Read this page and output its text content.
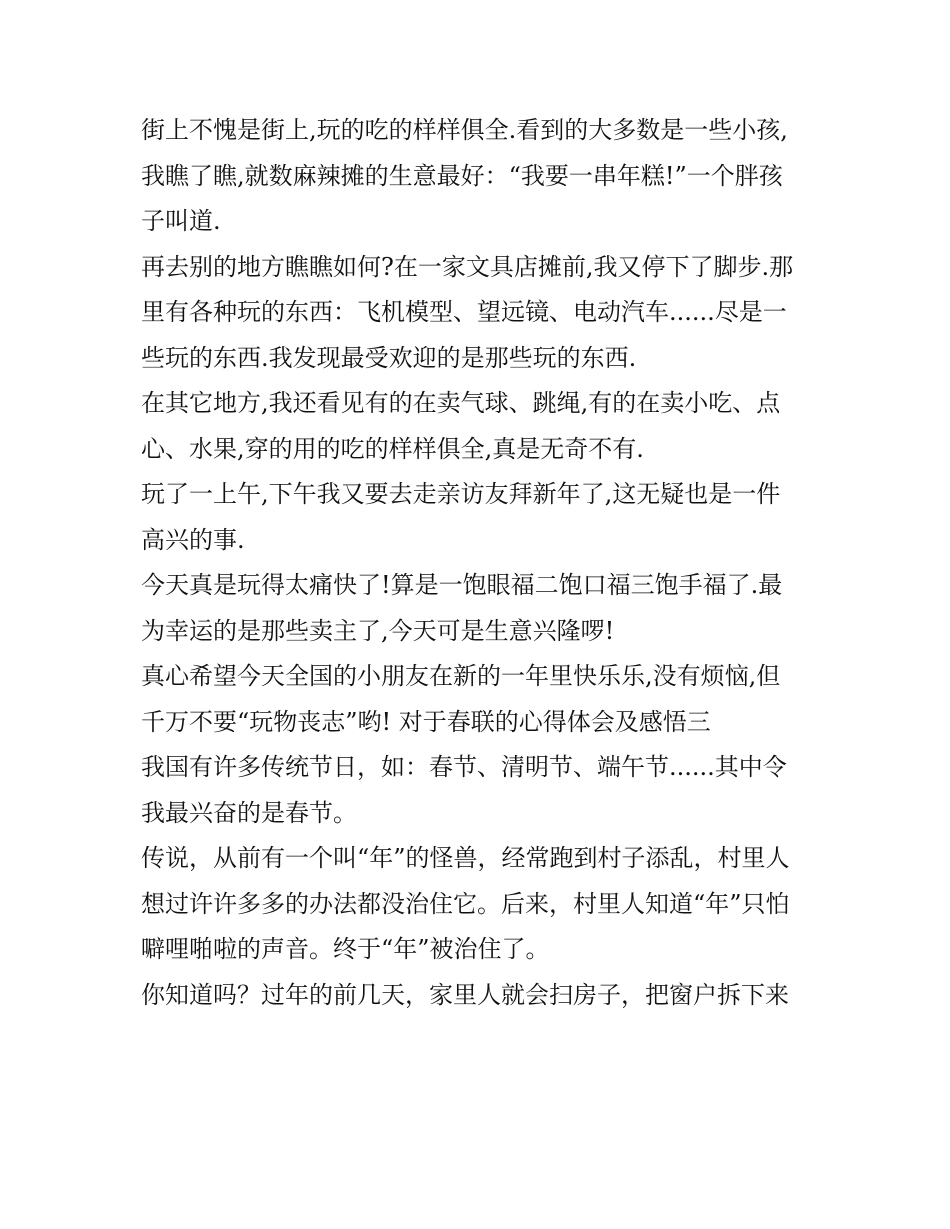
街上不愧是街上,玩的吃的样样俱全.看到的大多数是一些小孩,
我瞧了瞧,就数麻辣摊的生意最好：“我要一串年糕!”一个胖孩
子叫道.

再去别的地方瞧瞧如何?在一家文具店摊前,我又停下了脚步.那
里有各种玩的东西：飞机模型、望远镜、电动汽车......尽是一
些玩的东西.我发现最受欢迎的是那些玩的东西.

在其它地方,我还看见有的在卖气球、跳绳,有的在卖小吃、点
心、水果,穿的用的吃的样样俱全,真是无奇不有.

玩了一上午,下午我又要去走亲访友拜新年了,这无疑也是一件
高兴的事.

今天真是玩得太痛快了!算是一饱眼福二饱口福三饱手福了.最
为幸运的是那些卖主了,今天可是生意兴隆啰!

真心希望今天全国的小朋友在新的一年里快乐乐,没有烦恼,但
千万不要“玩物丧志”哟! 对于春联的心得体会及感悟三

我国有许多传统节日，如：春节、清明节、端午节......其中令
我最兴奋的是春节。

传说，从前有一个叫“年”的怪兽，经常跑到村子添乱，村里人
想过许许多多的办法都没治住它。后来，村里人知道“年”只怕
噼哩啪啦的声音。终于“年”被治住了。

你知道吗？过年的前几天，家里人就会扫房子，把窗户拆下来
